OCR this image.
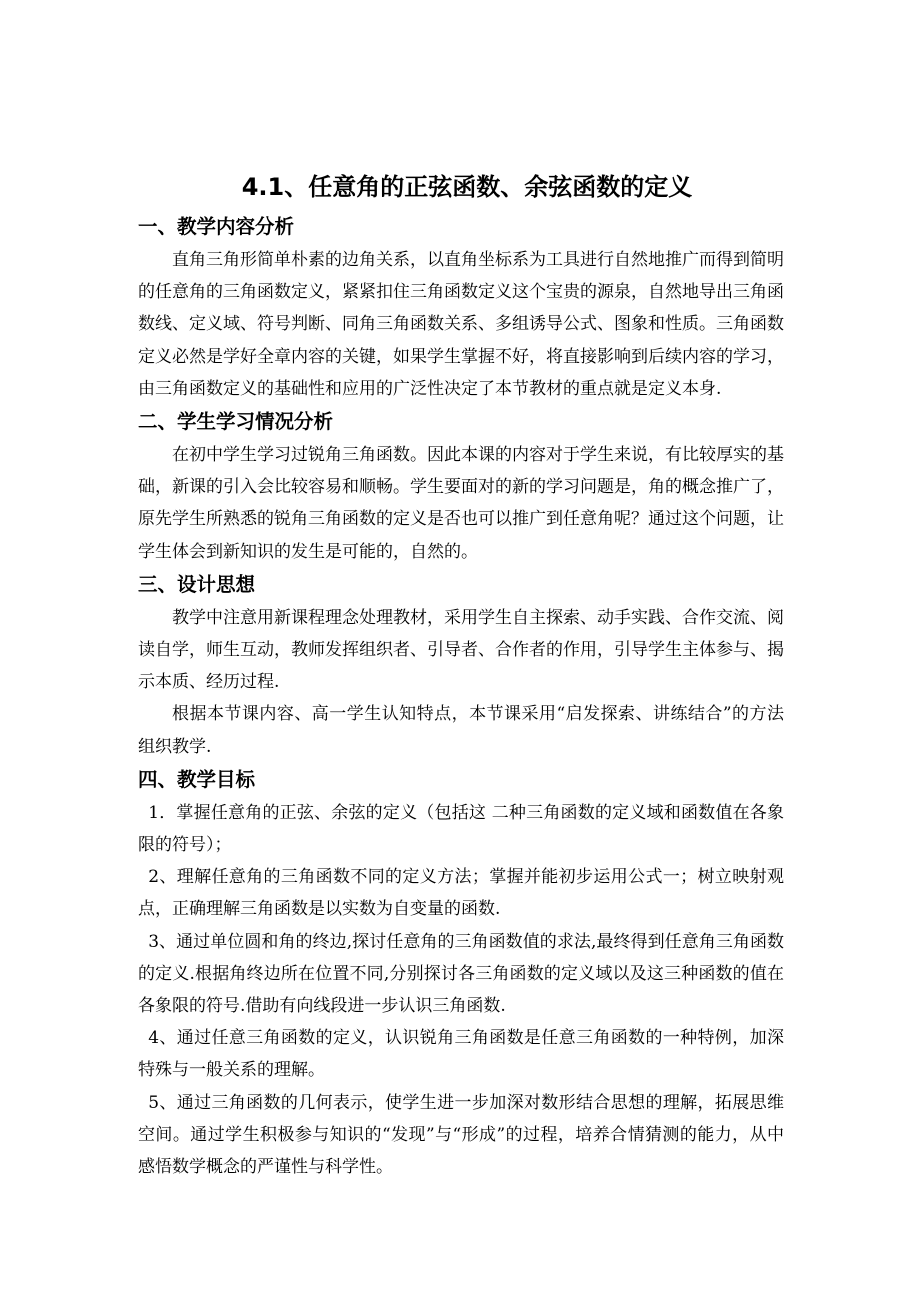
4.1、任意角的正弦函数、余弦函数的定义
一、教学内容分析

直角三角形简单朴素的边角关系，以直角坐标系为工具进行自然地推广而得到简明的任意角的三角函数定义，紧紧扣住三角函数定义这个宝贵的源泉，自然地导出三角函数线、定义域、符号判断、同角三角函数关系、多组诱导公式、图象和性质。三角函数定义必然是学好全章内容的关键，如果学生掌握不好，将直接影响到后续内容的学习，由三角函数定义的基础性和应用的广泛性决定了本节教材的重点就是定义本身.

二、学生学习情况分析

在初中学生学习过锐角三角函数。因此本课的内容对于学生来说，有比较厚实的基础，新课的引入会比较容易和顺畅。学生要面对的新的学习问题是，角的概念推广了，原先学生所熟悉的锐角三角函数的定义是否也可以推广到任意角呢？通过这个问题，让学生体会到新知识的发生是可能的，自然的。

三、设计思想

教学中注意用新课程理念处理教材，采用学生自主探索、动手实践、合作交流、阅读自学，师生互动，教师发挥组织者、引导者、合作者的作用，引导学生主体参与、揭示本质、经历过程.

根据本节课内容、高一学生认知特点，本节课采用“启发探索、讲练结合”的方法组织教学.

四、教学目标

1．掌握任意角的正弦、余弦的定义（包括这 二种三角函数的定义域和函数值在各象限的符号）；

2、理解任意角的三角函数不同的定义方法；掌握并能初步运用公式一；树立映射观点，正确理解三角函数是以实数为自变量的函数.

3、通过单位圆和角的终边,探讨任意角的三角函数值的求法,最终得到任意角三角函数的定义.根据角终边所在位置不同,分别探讨各三角函数的定义域以及这三种函数的值在各象限的符号.借助有向线段进一步认识三角函数.

4、通过任意三角函数的定义，认识锐角三角函数是任意三角函数的一种特例，加深特殊与一般关系的理解。

5、通过三角函数的几何表示，使学生进一步加深对数形结合思想的理解，拓展思维空间。通过学生积极参与知识的“发现”与“形成”的过程，培养合情猜测的能力，从中感悟数学概念的严谨性与科学性。
